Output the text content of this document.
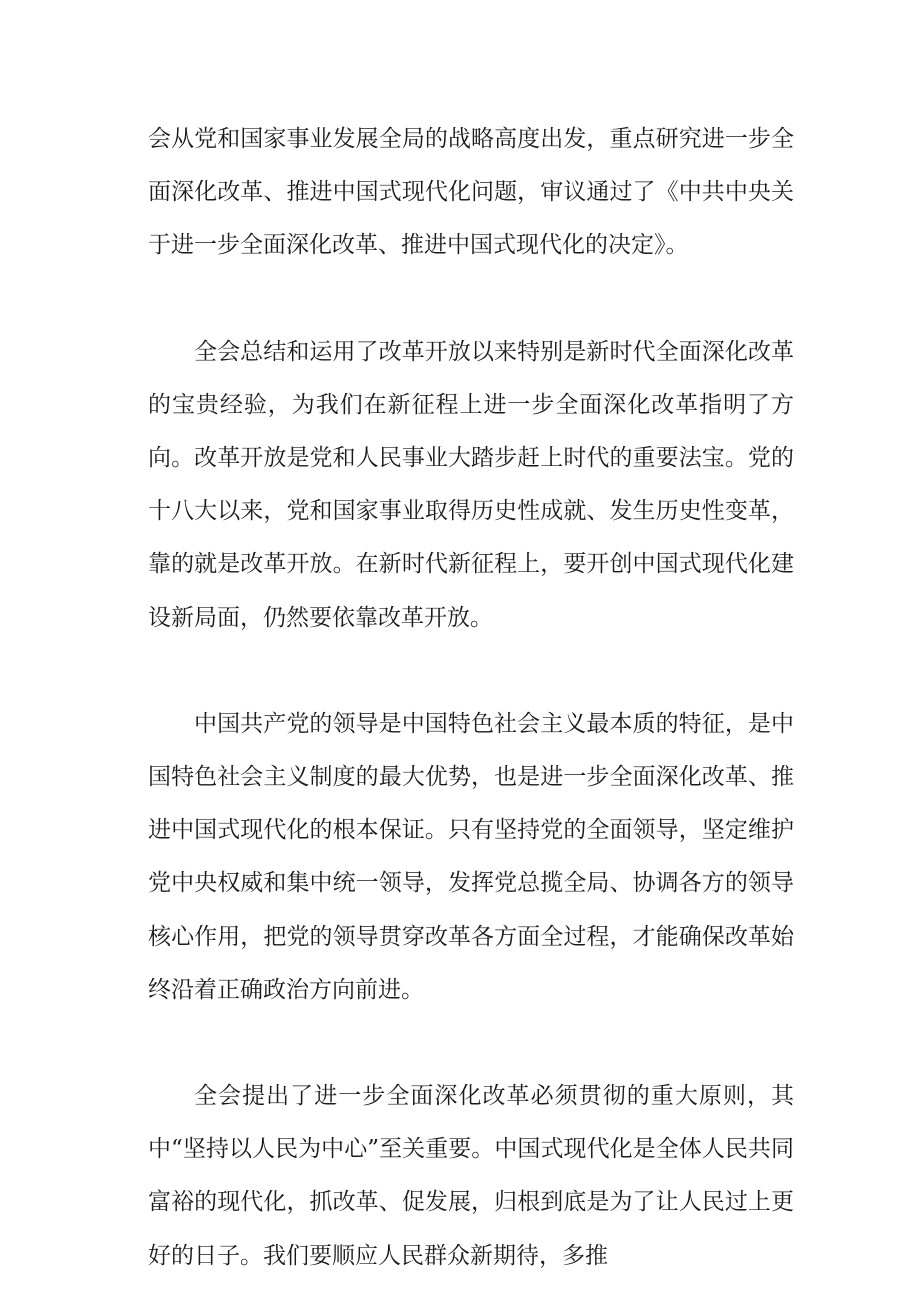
会从党和国家事业发展全局的战略高度出发，重点研究进一步全面深化改革、推进中国式现代化问题，审议通过了《中共中央关于进一步全面深化改革、推进中国式现代化的决定》。

全会总结和运用了改革开放以来特别是新时代全面深化改革的宝贵经验，为我们在新征程上进一步全面深化改革指明了方向。改革开放是党和人民事业大踏步赶上时代的重要法宝。党的十八大以来，党和国家事业取得历史性成就、发生历史性变革，靠的就是改革开放。在新时代新征程上，要开创中国式现代化建设新局面，仍然要依靠改革开放。

中国共产党的领导是中国特色社会主义最本质的特征，是中国特色社会主义制度的最大优势，也是进一步全面深化改革、推进中国式现代化的根本保证。只有坚持党的全面领导，坚定维护党中央权威和集中统一领导，发挥党总揽全局、协调各方的领导核心作用，把党的领导贯穿改革各方面全过程，才能确保改革始终沿着正确政治方向前进。

全会提出了进一步全面深化改革必须贯彻的重大原则，其中“坚持以人民为中心”至关重要。中国式现代化是全体人民共同富裕的现代化，抓改革、促发展，归根到底是为了让人民过上更好的日子。我们要顺应人民群众新期待，多推
